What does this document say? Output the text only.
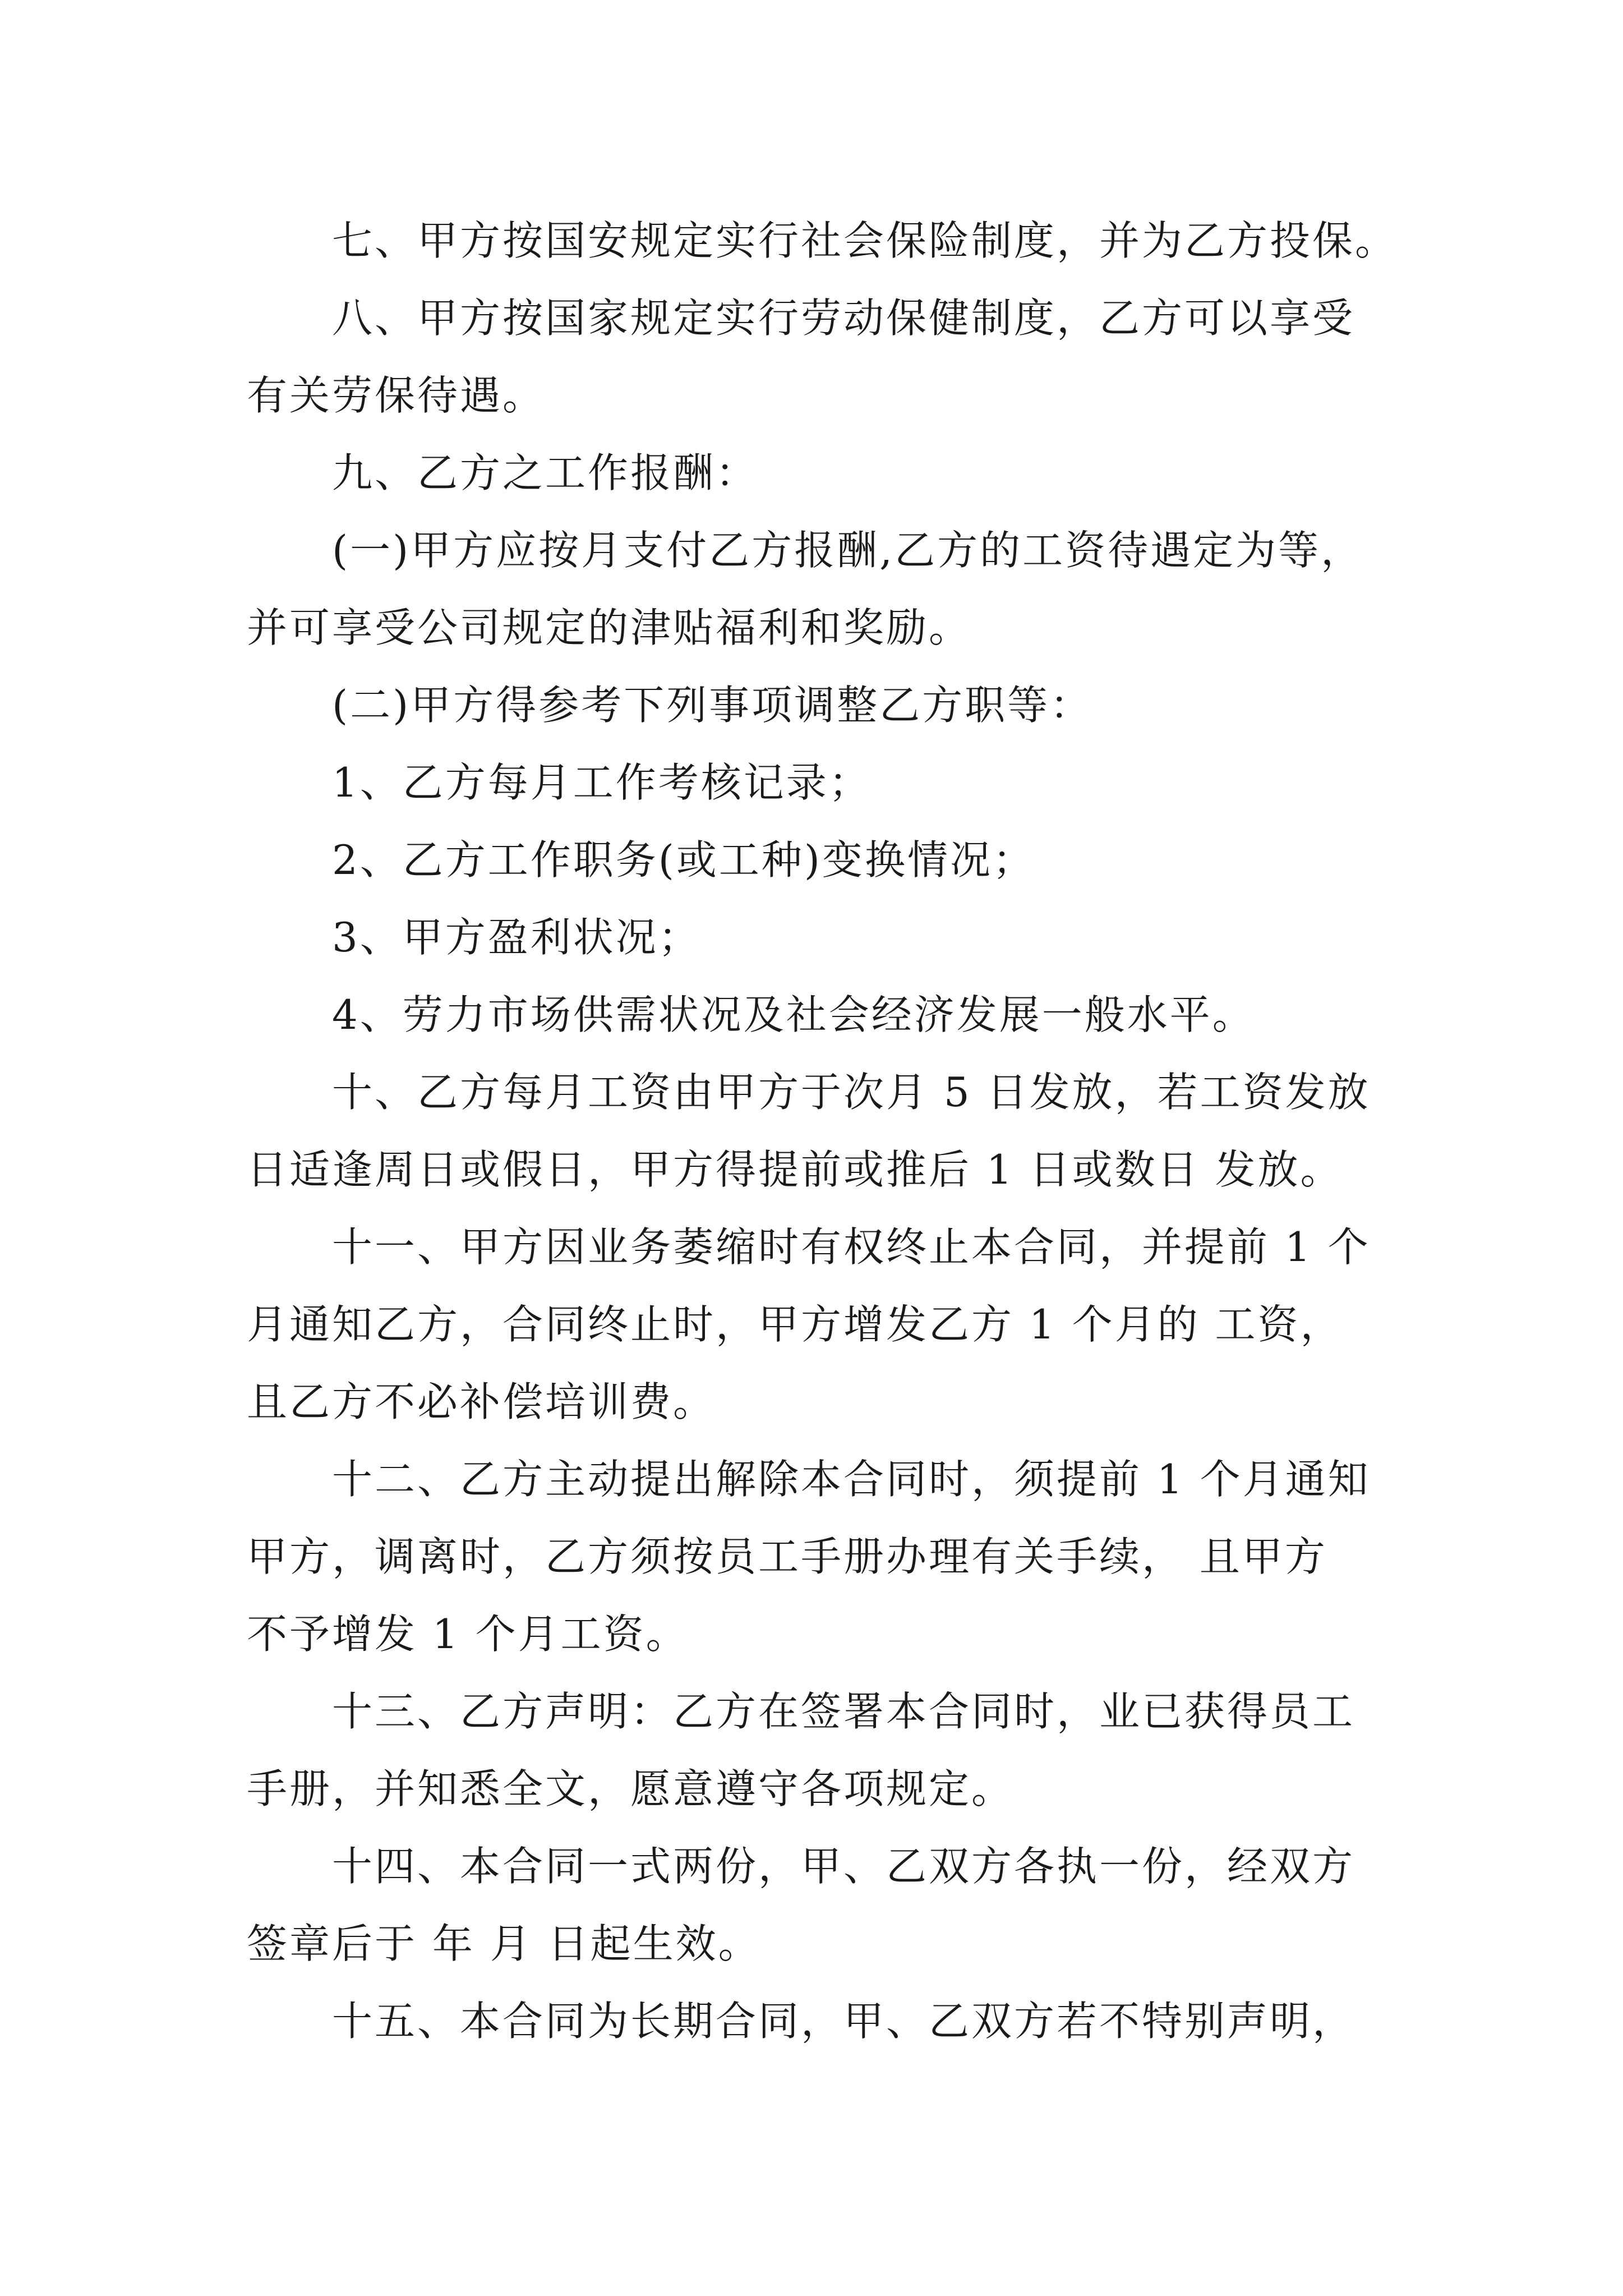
七、甲方按国安规定实行社会保险制度，并为乙方投保。

八、甲方按国家规定实行劳动保健制度，乙方可以享受
有关劳保待遇。

九、乙方之工作报酬：

(一)甲方应按月支付乙方报酬,乙方的工资待遇定为等，
并可享受公司规定的津贴福利和奖励。

(二)甲方得参考下列事项调整乙方职等：

1、乙方每月工作考核记录；

2、乙方工作职务(或工种)变换情况；

3、甲方盈利状况；

4、劳力市场供需状况及社会经济发展一般水平。

十、乙方每月工资由甲方于次月 5 日发放，若工资发放
日适逢周日或假日，甲方得提前或推后 1 日或数日 发放。

十一、甲方因业务萎缩时有权终止本合同，并提前 1 个
月通知乙方，合同终止时，甲方增发乙方 1 个月的 工资，
且乙方不必补偿培训费。

十二、乙方主动提出解除本合同时，须提前 1 个月通知
甲方，调离时，乙方须按员工手册办理有关手续， 且甲方
不予增发 1 个月工资。

十三、乙方声明：乙方在签署本合同时，业已获得员工
手册，并知悉全文，愿意遵守各项规定。

十四、本合同一式两份，甲、乙双方各执一份，经双方
签章后于 年 月 日起生效。

十五、本合同为长期合同，甲、乙双方若不特别声明，
